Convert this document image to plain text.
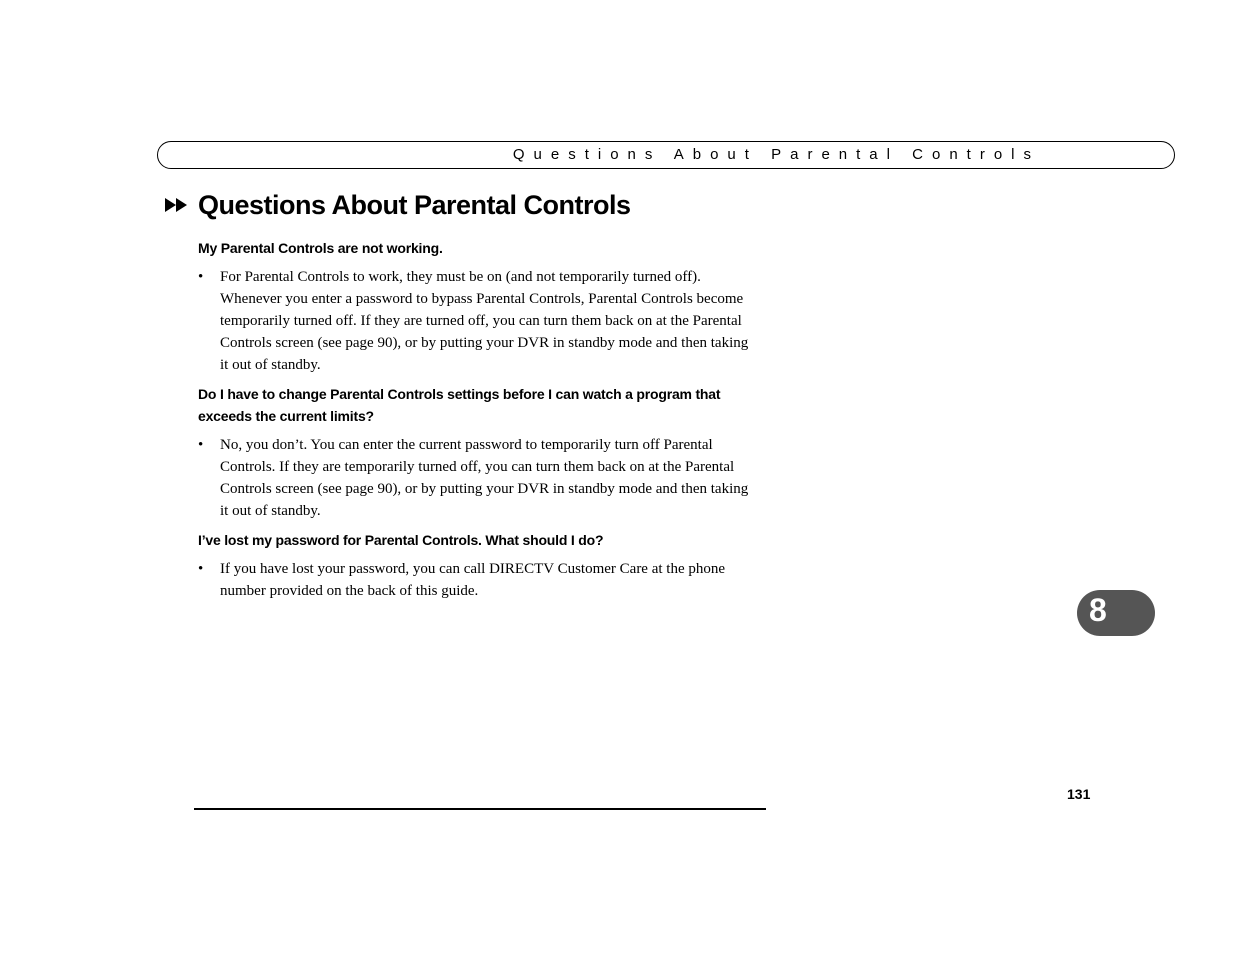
Questions About Parental Controls
Questions About Parental Controls

My Parental Controls are not working.

• For Parental Controls to work, they must be on (and not temporarily turned off). Whenever you enter a password to bypass Parental Controls, Parental Controls become temporarily turned off. If they are turned off, you can turn them back on at the Parental Controls screen (see page 90), or by putting your DVR in standby mode and then taking it out of standby.

Do I have to change Parental Controls settings before I can watch a program that exceeds the current limits?

• No, you don’t. You can enter the current password to temporarily turn off Parental Controls. If they are temporarily turned off, you can turn them back on at the Parental Controls screen (see page 90), or by putting your DVR in standby mode and then taking it out of standby.

I’ve lost my password for Parental Controls. What should I do?

• If you have lost your password, you can call DIRECTV Customer Care at the phone number provided on the back of this guide.
8
131
